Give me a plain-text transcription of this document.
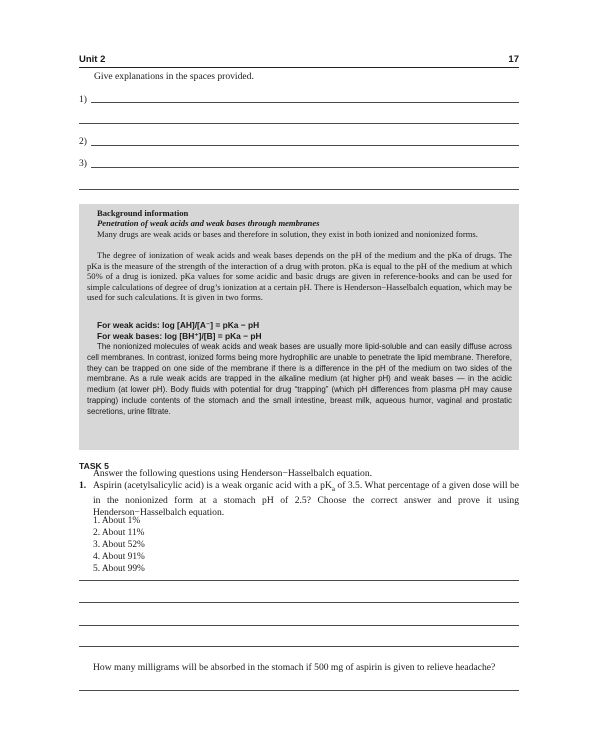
Unit 2	17
Give explanations in the spaces provided.
1)
2)
3)
Background information
Penetration of weak acids and weak bases through membranes
Many drugs are weak acids or bases and therefore in solution, they exist in both ionized and nonionized forms.
The degree of ionization of weak acids and weak bases depends on the pH of the medium and the pKa of drugs. The pKa is the measure of the strength of the interaction of a drug with proton. pKa is equal to the pH of the medium at which 50% of a drug is ionized. pKa values for some acidic and basic drugs are given in reference-books and can be used for simple calculations of degree of drug’s ionization at a certain pH. There is Henderson−Hasselbalch equation, which may be used for such calculations. It is given in two forms.
For weak acids: log [AH]/[A⁻] = pKa − pH
For weak bases: log [BH⁺]/[B] = pKa − pH
The nonionized molecules of weak acids and weak bases are usually more lipid-soluble and can easily diffuse across cell membranes. In contrast, ionized forms being more hydrophilic are unable to penetrate the lipid membrane. Therefore, they can be trapped on one side of the membrane if there is a difference in the pH of the medium on two sides of the membrane. As a rule weak acids are trapped in the alkaline medium (at higher pH) and weak bases — in the acidic medium (at lower pH). Body fluids with potential for drug “trapping” (which pH differences from plasma pH may cause trapping) include contents of the stomach and the small intestine, breast milk, aqueous humor, vaginal and prostatic secretions, urine filtrate.
TASK 5
Answer the following questions using Henderson−Hasselbalch equation.
1. Aspirin (acetylsalicylic acid) is a weak organic acid with a $pK_a$ of 3.5. What percentage of a given dose will be in the nonionized form at a stomach pH of 2.5? Choose the correct answer and prove it using Henderson−Hasselbalch equation.
1. About 1%
2. About 11%
3. About 52%
4. About 91%
5. About 99%
How many milligrams will be absorbed in the stomach if 500 mg of aspirin is given to relieve headache?
